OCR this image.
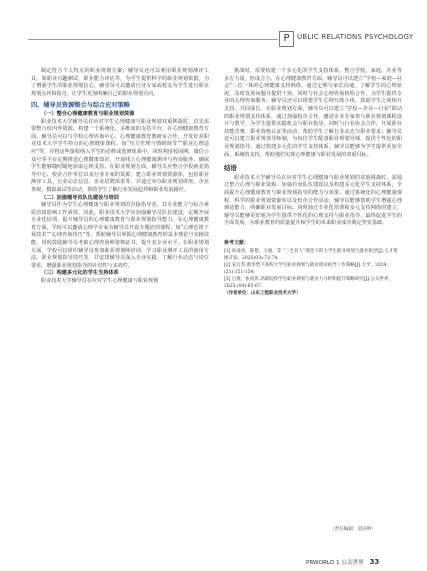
P	UBLIC RELATIONS PSYCHOLOGY

制定符合个人特点的职业规划方案；辅导员还可以利用职业规划测评工具，如职业兴趣测试、职业能力评估等，为学生提供科学的职业规划依据。为了增强学生的职业规划信心，辅导员可以邀请行业专家或校友为学生进行职业规划点评和指导，让学生更加明确自己的职业规划方向。

四、辅导员资源整合与综合应对策略

（一）整合心理健康教育与职业规划资源

职业技术大学辅导员在应对学生心理健康与职业规划双重挑战时，首先需要整合校内外资源，构建一个系统化、多维度的支持平台。在心理健康教育方面，辅导员可以与学校心理咨询中心、心理健康教育教研室合作，开发针对职业技术大学学生特点的心理健康课程。如“压力管理与情绪调节”“职业心理适应”等，并将这些课程纳入学生的必修或选修体系中，同时利用校园网、微信公众号等平台定期推送心理健康知识，开展线上心理健康测评与咨询服务，确保学生能够随时随地获取心理支持。在职业规划方面，辅导员应整合学校就业指导中心、校企合作单位以及行业专家的资源，建立职业规划资源库，包括职业测评工具、行业动态信息、企业招聘需求等，并通过举办职业规划讲座、企业参观、模拟面试等活动，帮助学生了解行业发展趋势和职业发展路径。

（二）加强辅导员队伍建设与培训

辅导员作为学生心理健康与职业规划的直接指导者，其专业能力与综合素质直接影响工作成效。因此，职业技术大学应加强辅导员队伍建设，定期开展专业化培训，提升辅导员的心理健康教育与职业规划指导能力。在心理健康教育方面，学校可以邀请心理学专家为辅导员开设专题培训课程，如“心理危机干预技术”“心理咨询技巧”等，帮助辅导员掌握心理健康教育的基本理论与实操技能，同时鼓励辅导员考取心理咨询师资格证书，提升其专业水平。在职业规划方面，学校可以组织辅导员参加职业规划师培训，学习职业测评工具的使用方法、职业规划指导技巧等，并安排辅导员深入企业实践，了解行业动态与岗位要求，增强职业规划指导的针对性与实效性。

（三）构建多元化的学生支持体系

职业技术大学辅导员在应对学生心理健康与职业规划

挑战时，需要构建一个多元化的学生支持体系。整合学校、家庭、企业等多方力量，形成合力。在心理健康教育方面，辅导员可以建立“学校—家庭—社会”三位一体的心理健康支持网络，通过定期与家长沟通，了解学生的心理状况，及时发现问题并提供干预，同时与社会心理咨询机构合作，为学生提供专业的心理咨询服务；辅导员还可以组建学生心理互助小组，鼓励学生之间相互支持、共同成长。在职业规划方面，辅导员可以建立“学校—企业—行业”联动的职业规划支持体系，通过加强校企合作，邀请企业专家参与职业规划课程设计与教学，为学生提供实践机会与职业指导，同时与行业协会合作，开展职业技能竞赛、职业资格认证等活动，帮助学生了解行业动态与职业要求；辅导员还可以建立职业规划导师制，为每位学生配备职业规划导师，提供个性化的职业规划指导。通过构建多元化的学生支持体系，辅导员能够为学生提供更加全面、系统的支持，帮助他们实现心理健康与职业发展的双重目标。

结语

职业技术大学辅导员在应对学生心理健康与职业规划的双重挑战时，需通过整合心理与职业资源、加强自身队伍建设以及构建多元化学生支持体系，全面提升心理健康教育与职业规划指导的能力与效果。通过系统化的心理健康课程、科学的职业规划资源库以及校企合作活动，辅导员能够帮助学生增强心理调适能力、明确职业发展目标。同时通过专业化培训和多元支持网络的建立，辅导员能够更好地为学生提供个性化的心理支持与职业指导，最终促进学生的全面发展。为职业教育的质量提升和学生的未来职业成功奠定坚实基础。

参考文献：
[1] 孙凌涛，陈艳，王俊，等.“三全育人”理念下的大学生职业规划与就业指导[J].人才资源开发，2025(03):72-74.
[2] 安万苏.新形势下高校大学生职业规划与就业创业指导工作策略[J].大学，2024,(21):151-154.
[3] 吕燕，张真真.高职院校学生职业规划与就业力分析和提升策略研究[J].公关世界，2025,(04):65-67.
（作者单位：山东工程职业技术大学）
（责任编辑：袁田婷）
PRWORLD 1 公关世界 33
